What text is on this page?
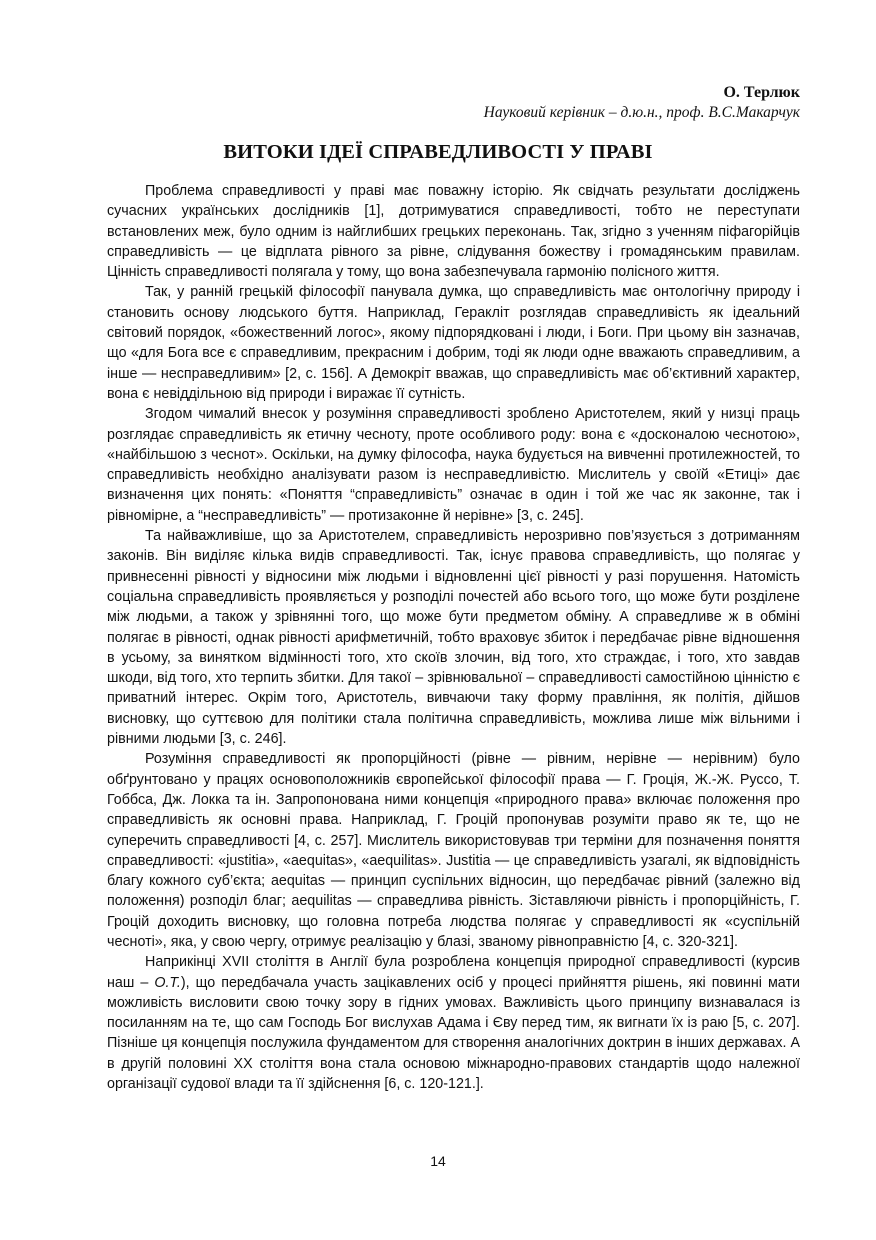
О. Терлюк
Науковий керівник – д.ю.н., проф. В.С.Макарчук
ВИТОКИ ІДЕЇ СПРАВЕДЛИВОСТІ У ПРАВІ

Проблема справедливості у праві має поважну історію. Як свідчать результати досліджень сучасних українських дослідників [1], дотримуватися справедливості, тобто не переступати встановлених меж, було одним із найглибших грецьких переконань. Так, згідно з ученням піфагорійців справедливість — це відплата рівного за рівне, слідування божеству і громадянським правилам. Цінність справедливості полягала у тому, що вона забезпечувала гармонію полісного життя.

Так, у ранній грецькій філософії панувала думка, що справедливість має онтологічну природу і становить основу людського буття. Наприклад, Геракліт розглядав справедливість як ідеальний світовий порядок, «божественний логос», якому підпорядковані і люди, і Боги. При цьому він зазначав, що «для Бога все є справедливим, прекрасним і добрим, тоді як люди одне вважають справедливим, а інше — несправедливим» [2, с. 156]. А Демокріт вважав, що справедливість має об’єктивний характер, вона є невіддільною від природи і виражає її сутність.

Згодом чималий внесок у розуміння справедливості зроблено Аристотелем, який у низці праць розглядає справедливість як етичну чесноту, проте особливого роду: вона є «досконалою чеснотою», «найбільшою з чеснот». Оскільки, на думку філософа, наука будується на вивченні протилежностей, то справедливість необхідно аналізувати разом із несправедливістю. Мислитель у своїй «Етиці» дає визначення цих понять: «Поняття “справедливість” означає в один і той же час як законне, так і рівномірне, а “несправедливість” — протизаконне й нерівне» [3, с. 245].

Та найважливіше, що за Аристотелем, справедливість нерозривно пов’язується з дотриманням законів. Він виділяє кілька видів справедливості. Так, існує правова справедливість, що полягає у привнесенні рівності у відносини між людьми і відновленні цієї рівності у разі порушення. Натомість соціальна справедливість проявляється у розподілі почестей або всього того, що може бути розділене між людьми, а також у зрівнянні того, що може бути предметом обміну. А справедливе ж в обміні полягає в рівності, однак рівності арифметичній, тобто враховує збиток і передбачає рівне відношення в усьому, за винятком відмінності того, хто скоїв злочин, від того, хто страждає, і того, хто завдав шкоди, від того, хто терпить збитки. Для такої – зрівнювальної – справедливості самостійною цінністю є приватний інтерес. Окрім того, Аристотель, вивчаючи таку форму правління, як політія, дійшов висновку, що суттєвою для політики стала політична справедливість, можлива лише між вільними і рівними людьми [3, с. 246].

Розуміння справедливості як пропорційності (рівне — рівним, нерівне — нерівним) було обґрунтовано у працях основоположників європейської філософії права — Г. Гроція, Ж.-Ж. Руссо, Т. Гоббса, Дж. Локка та ін. Запропонована ними концепція «природного права» включає положення про справедливість як основні права. Наприклад, Г. Гроцій пропонував розуміти право як те, що не суперечить справедливості [4, с. 257]. Мислитель використовував три терміни для позначення поняття справедливості: «justitia», «aequitas», «aequilitas». Justitia — це справедливість узагалі, як відповідність благу кожного суб’єкта; aequitas — принцип суспільних відносин, що передбачає рівний (залежно від положення) розподіл благ; aequilitas — справедлива рівність. Зіставляючи рівність і пропорційність, Г. Гроцій доходить висновку, що головна потреба людства полягає у справедливості як «суспільній чесноті», яка, у свою чергу, отримує реалізацію у блазі, званому рівноправністю [4, с. 320-321].

Наприкінці XVII століття в Англії була розроблена концепція природної справедливості (курсив наш – О.Т.), що передбачала участь зацікавлених осіб у процесі прийняття рішень, які повинні мати можливість висловити свою точку зору в гідних умовах. Важливість цього принципу визнавалася із посиланням на те, що сам Господь Бог вислухав Адама і Єву перед тим, як вигнати їх із раю [5, с. 207]. Пізніше ця концепція послужила фундаментом для створення аналогічних доктрин в інших державах. А в другій половині XX століття вона стала основою міжнародно-правових стандартів щодо належної організації судової влади та її здійснення [6, с. 120-121.].

14
